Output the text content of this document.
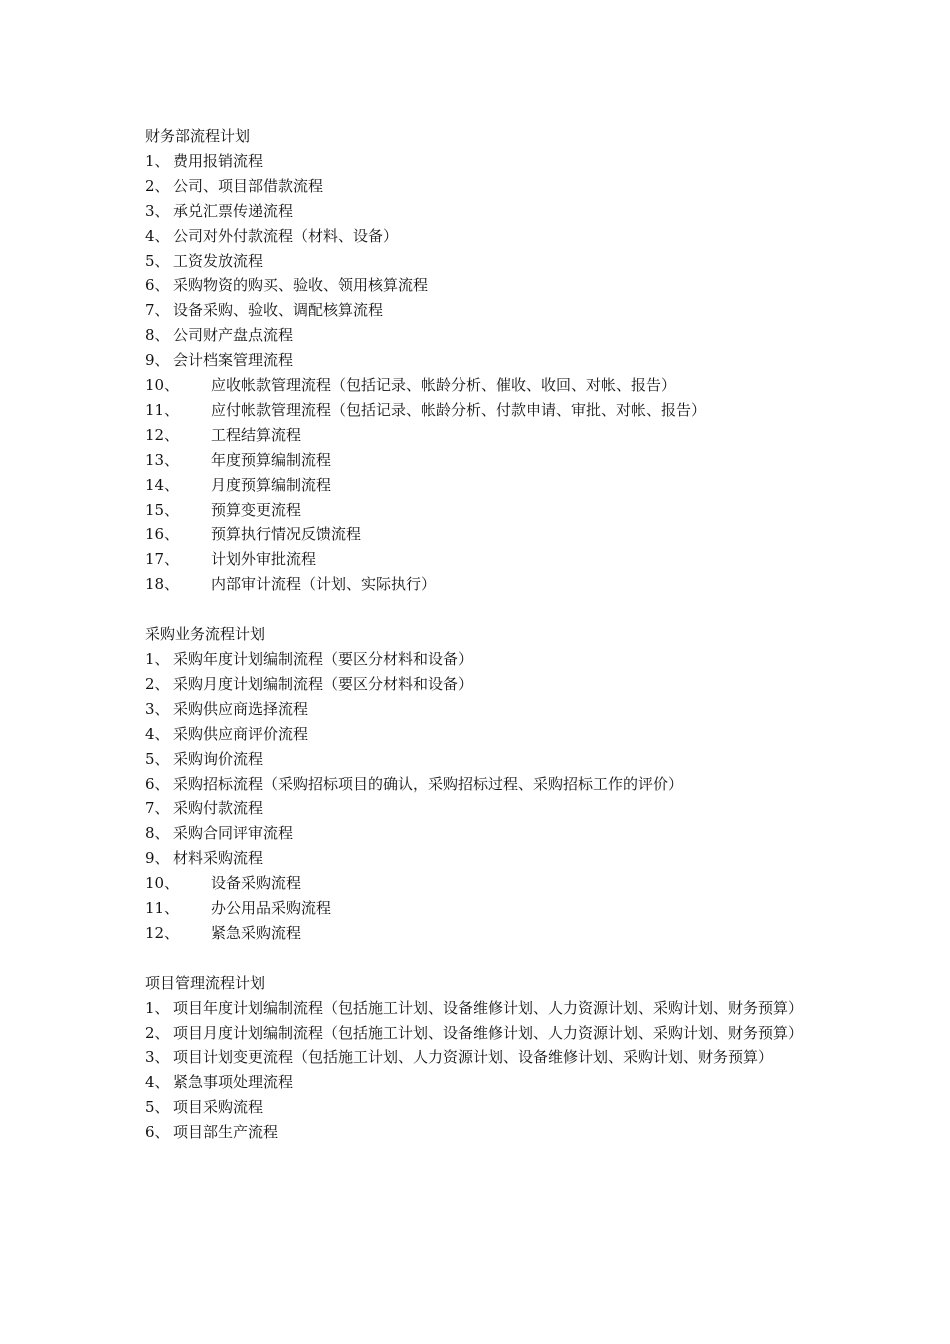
财务部流程计划
1、 费用报销流程
2、 公司、项目部借款流程
3、 承兑汇票传递流程
4、 公司对外付款流程（材料、设备）
5、 工资发放流程
6、 采购物资的购买、验收、领用核算流程
7、 设备采购、验收、调配核算流程
8、 公司财产盘点流程
9、 会计档案管理流程
10、 应收帐款管理流程（包括记录、帐龄分析、催收、收回、对帐、报告）
11、 应付帐款管理流程（包括记录、帐龄分析、付款申请、审批、对帐、报告）
12、 工程结算流程
13、 年度预算编制流程
14、 月度预算编制流程
15、 预算变更流程
16、 预算执行情况反馈流程
17、 计划外审批流程
18、 内部审计流程（计划、实际执行）
采购业务流程计划
1、 采购年度计划编制流程（要区分材料和设备）
2、 采购月度计划编制流程（要区分材料和设备）
3、 采购供应商选择流程
4、 采购供应商评价流程
5、 采购询价流程
6、 采购招标流程（采购招标项目的确认，采购招标过程、采购招标工作的评价）
7、 采购付款流程
8、 采购合同评审流程
9、 材料采购流程
10、 设备采购流程
11、 办公用品采购流程
12、 紧急采购流程
项目管理流程计划
1、 项目年度计划编制流程（包括施工计划、设备维修计划、人力资源计划、采购计划、财务预算）
2、 项目月度计划编制流程（包括施工计划、设备维修计划、人力资源计划、采购计划、财务预算）
3、 项目计划变更流程（包括施工计划、人力资源计划、设备维修计划、采购计划、财务预算）
4、 紧急事项处理流程
5、 项目采购流程
6、 项目部生产流程
